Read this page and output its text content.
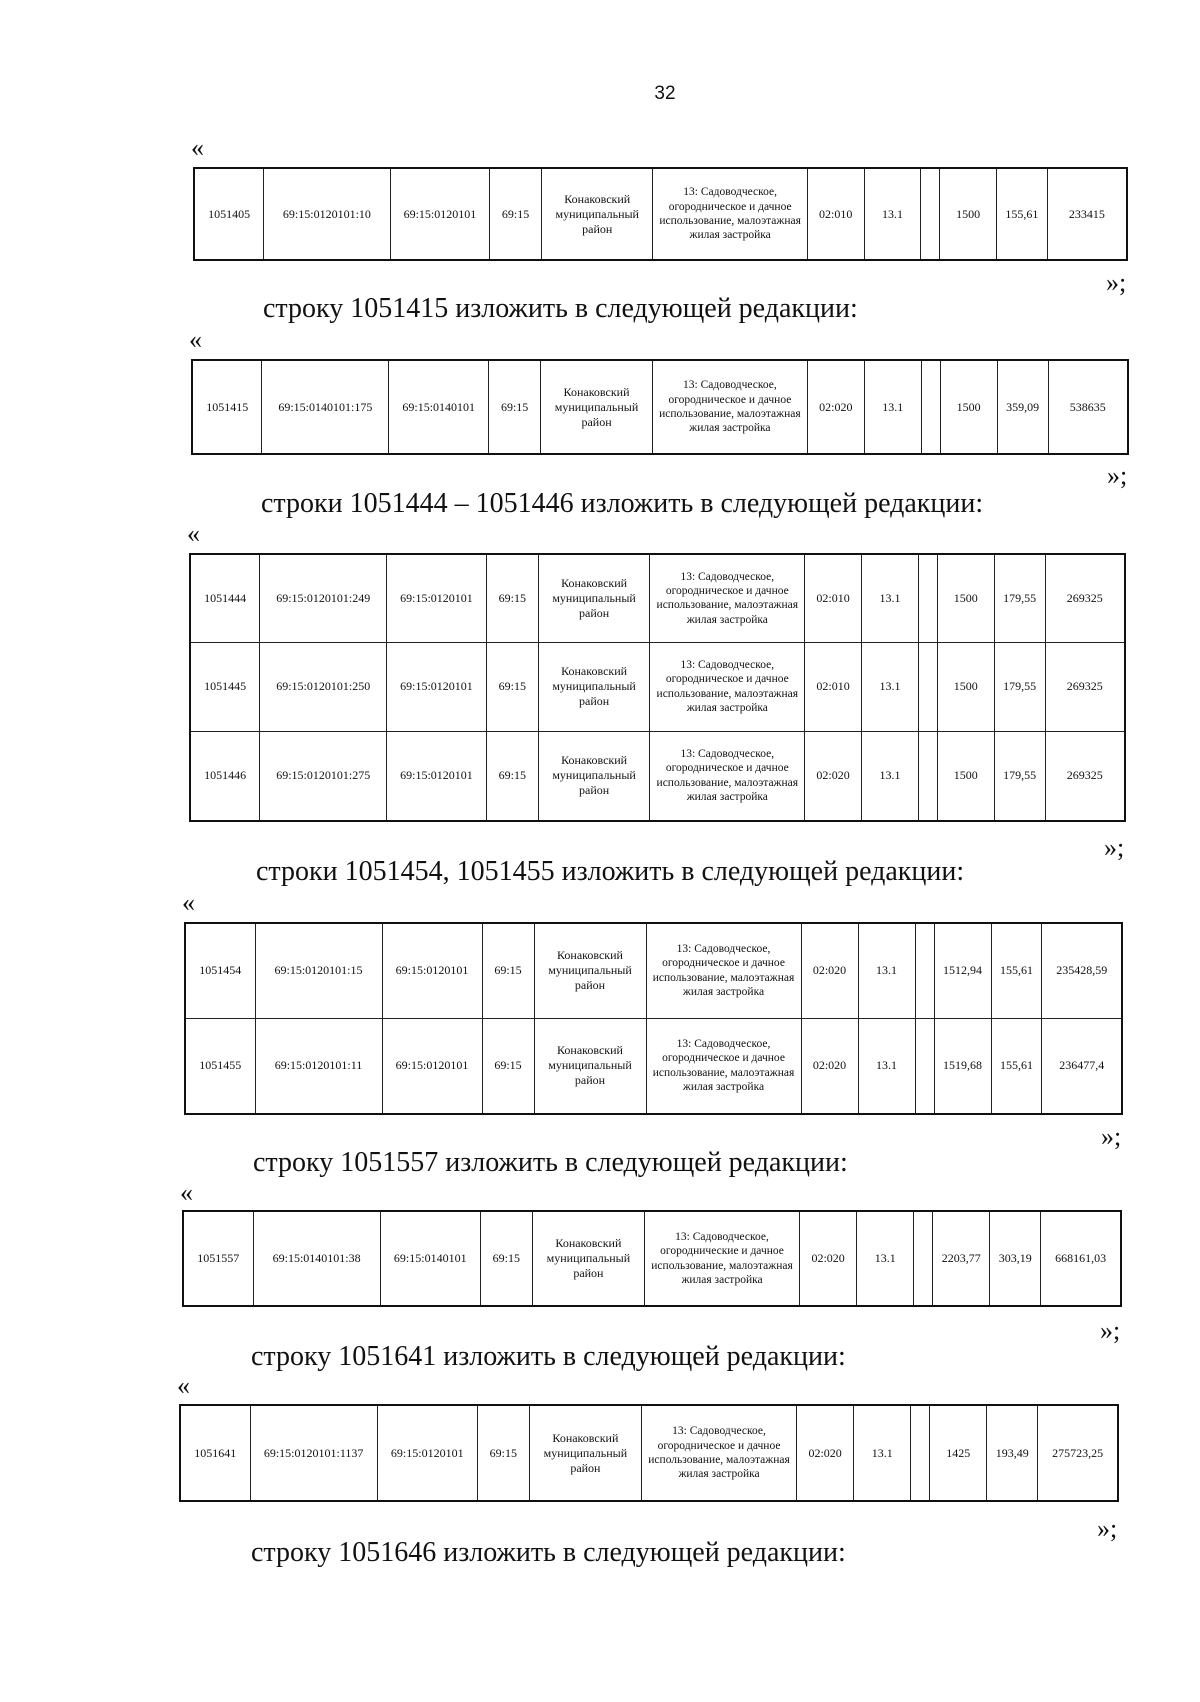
32
«
1051405	69:15:0120101:10	69:15:0120101	69:15	Конаковский муниципальный район	13: Садоводческое, огородническое и дачное использование, малоэтажная жилая застройка	02:010	13.1		1500	155,61	233415
»;
строку 1051415 изложить в следующей редакции:
«
1051415	69:15:0140101:175	69:15:0140101	69:15	Конаковский муниципальный район	13: Садоводческое, огородническое и дачное использование, малоэтажная жилая застройка	02:020	13.1		1500	359,09	538635
»;
строки 1051444 – 1051446 изложить в следующей редакции:
«
1051444	69:15:0120101:249	69:15:0120101	69:15	Конаковский муниципальный район	13: Садоводческое, огородническое и дачное использование, малоэтажная жилая застройка	02:010	13.1		1500	179,55	269325
1051445	69:15:0120101:250	69:15:0120101	69:15	Конаковский муниципальный район	13: Садоводческое, огородническое и дачное использование, малоэтажная жилая застройка	02:010	13.1		1500	179,55	269325
1051446	69:15:0120101:275	69:15:0120101	69:15	Конаковский муниципальный район	13: Садоводческое, огородническое и дачное использование, малоэтажная жилая застройка	02:020	13.1		1500	179,55	269325
»;
строки 1051454, 1051455 изложить в следующей редакции:
«
1051454	69:15:0120101:15	69:15:0120101	69:15	Конаковский муниципальный район	13: Садоводческое, огородническое и дачное использование, малоэтажная жилая застройка	02:020	13.1		1512,94	155,61	235428,59
1051455	69:15:0120101:11	69:15:0120101	69:15	Конаковский муниципальный район	13: Садоводческое, огородническое и дачное использование, малоэтажная жилая застройка	02:020	13.1		1519,68	155,61	236477,4
»;
строку 1051557 изложить в следующей редакции:
«
1051557	69:15:0140101:38	69:15:0140101	69:15	Конаковский муниципальный район	13: Садоводческое, огороднические и дачное использование, малоэтажная жилая застройка	02:020	13.1		2203,77	303,19	668161,03
»;
строку 1051641 изложить в следующей редакции:
«
1051641	69:15:0120101:1137	69:15:0120101	69:15	Конаковский муниципальный район	13: Садоводческое, огородническое и дачное использование, малоэтажная жилая застройка	02:020	13.1		1425	193,49	275723,25
»;
строку 1051646 изложить в следующей редакции:
